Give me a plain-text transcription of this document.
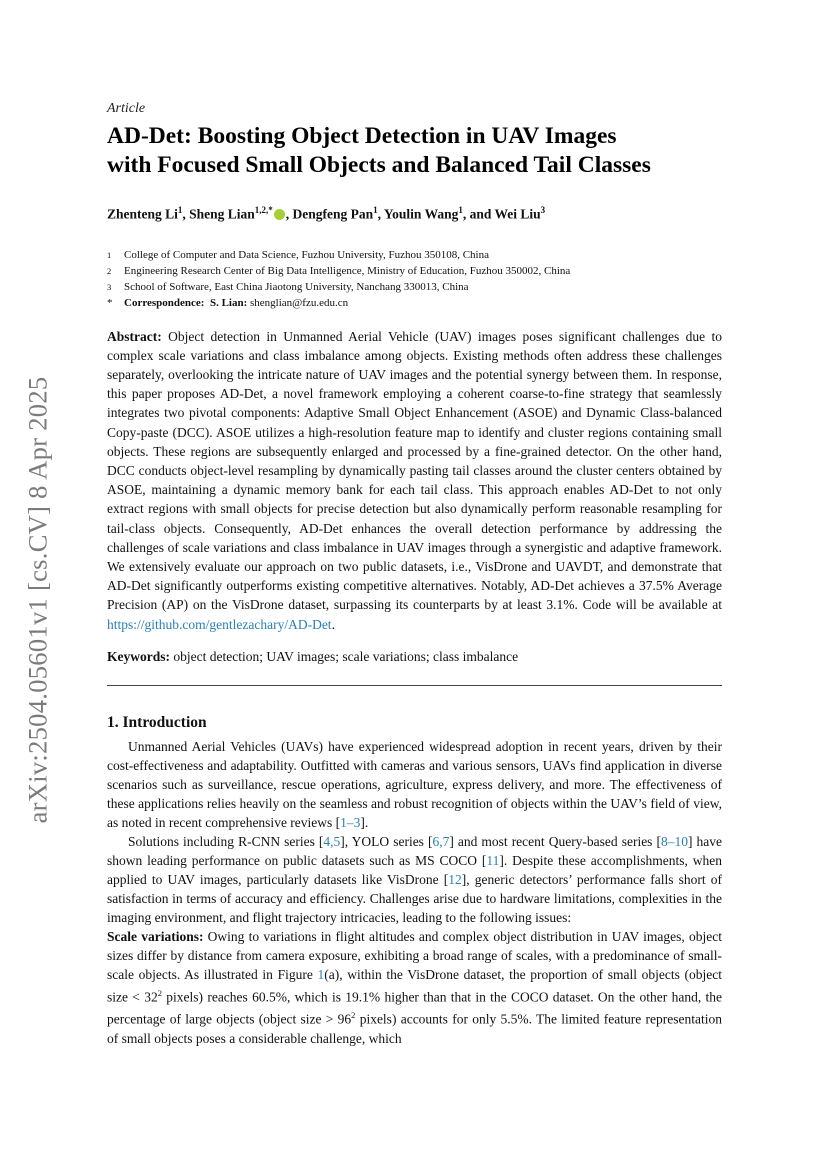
arXiv:2504.05601v1 [cs.CV] 8 Apr 2025

Article

AD-Det: Boosting Object Detection in UAV Images
with Focused Small Objects and Balanced Tail Classes
Zhenteng Li$^1$, Sheng Lian$^{1,2,*}$ , Dengfeng Pan$^1$, Youlin Wang$^1$, and Wei Liu$^3$
1	College of Computer and Data Science, Fuzhou University, Fuzhou 350108, China
2	Engineering Research Center of Big Data Intelligence, Ministry of Education, Fuzhou 350002, China
3	School of Software, East China Jiaotong University, Nanchang 330013, China
*	Correspondence: S. Lian: shenglian@fzu.edu.cn
Abstract: Object detection in Unmanned Aerial Vehicle (UAV) images poses significant challenges due to complex scale variations and class imbalance among objects. Existing methods often address these challenges separately, overlooking the intricate nature of UAV images and the potential synergy between them. In response, this paper proposes AD-Det, a novel framework employing a coherent coarse-to-fine strategy that seamlessly integrates two pivotal components: Adaptive Small Object Enhancement (ASOE) and Dynamic Class-balanced Copy-paste (DCC). ASOE utilizes a high-resolution feature map to identify and cluster regions containing small objects. These regions are subsequently enlarged and processed by a fine-grained detector. On the other hand, DCC conducts object-level resampling by dynamically pasting tail classes around the cluster centers obtained by ASOE, maintaining a dynamic memory bank for each tail class. This approach enables AD-Det to not only extract regions with small objects for precise detection but also dynamically perform reasonable resampling for tail-class objects. Consequently, AD-Det enhances the overall detection performance by addressing the challenges of scale variations and class imbalance in UAV images through a synergistic and adaptive framework. We extensively evaluate our approach on two public datasets, i.e., VisDrone and UAVDT, and demonstrate that AD-Det significantly outperforms existing competitive alternatives. Notably, AD-Det achieves a 37.5% Average Precision (AP) on the VisDrone dataset, surpassing its counterparts by at least 3.1%. Code will be available at https://github.com/gentlezachary/AD-Det.
Keywords: object detection; UAV images; scale variations; class imbalance
1. Introduction

Unmanned Aerial Vehicles (UAVs) have experienced widespread adoption in recent years, driven by their cost-effectiveness and adaptability. Outfitted with cameras and various sensors, UAVs find application in diverse scenarios such as surveillance, rescue operations, agriculture, express delivery, and more. The effectiveness of these applications relies heavily on the seamless and robust recognition of objects within the UAV’s field of view, as noted in recent comprehensive reviews [1–3].

Solutions including R-CNN series [4,5], YOLO series [6,7] and most recent Query-based series [8–10] have shown leading performance on public datasets such as MS COCO [11]. Despite these accomplishments, when applied to UAV images, particularly datasets like VisDrone [12], generic detectors’ performance falls short of satisfaction in terms of accuracy and efficiency. Challenges arise due to hardware limitations, complexities in the imaging environment, and flight trajectory intricacies, leading to the following issues:

Scale variations: Owing to variations in flight altitudes and complex object distribution in UAV images, object sizes differ by distance from camera exposure, exhibiting a broad range of scales, with a predominance of small-scale objects. As illustrated in Figure 1(a), within the VisDrone dataset, the proportion of small objects (object size < $32^2$ pixels) reaches 60.5%, which is 19.1% higher than that in the COCO dataset. On the other hand, the percentage of large objects (object size > $96^2$ pixels) accounts for only 5.5%. The limited feature representation of small objects poses a considerable challenge, which
